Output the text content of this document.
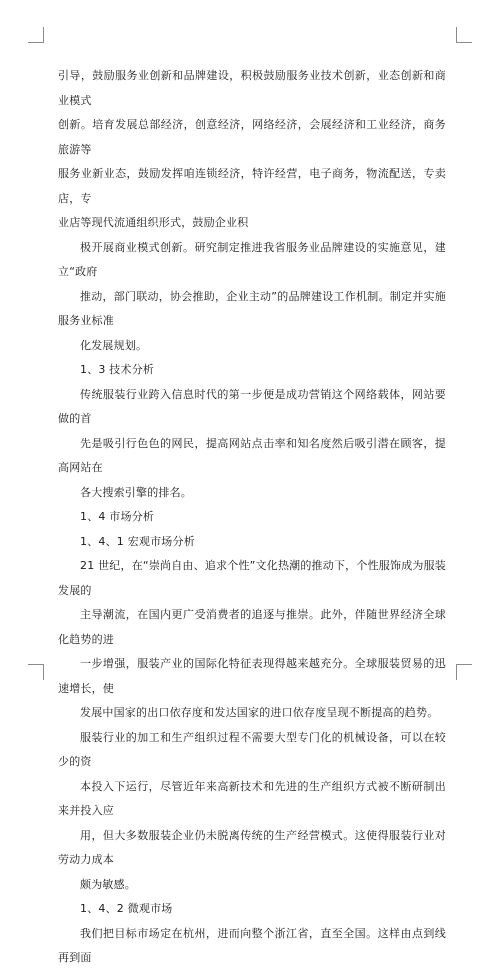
引导，鼓励服务业创新和品牌建设，积极鼓励服务业技术创新，业态创新和商业模式
创新。培育发展总部经济，创意经济，网络经济，会展经济和工业经济，商务旅游等
服务业新业态，鼓励发挥咱连锁经济，特许经营，电子商务，物流配送，专卖店，专
业店等现代流通组织形式，鼓励企业积

极开展商业模式创新。研究制定推进我省服务业品牌建设的实施意见，建立“政府
推动，部门联动，协会推助，企业主动”的品牌建设工作机制。制定并实施服务业标准
化发展规划。

1、3 技术分析

传统服装行业跨入信息时代的第一步便是成功营销这个网络载体，网站要做的首
先是吸引行色色的网民，提高网站点击率和知名度然后吸引潜在顾客，提高网站在
各大搜索引擎的排名。

1、4 市场分析

1、4、1 宏观市场分析

21 世纪，在“崇尚自由、追求个性”文化热潮的推动下，个性服饰成为服装发展的
主导潮流，在国内更广受消费者的追逐与推崇。此外，伴随世界经济全球化趋势的进
一步增强，服装产业的国际化特征表现得越来越充分。全球服装贸易的迅速增长，使
发展中国家的出口依存度和发达国家的进口依存度呈现不断提高的趋势。

服装行业的加工和生产组织过程不需要大型专门化的机械设备，可以在较少的资
本投入下运行，尽管近年来高新技术和先进的生产组织方式被不断研制出来并投入应
用，但大多数服装企业仍未脱离传统的生产经营模式。这使得服装行业对劳动力成本
颇为敏感。

1、4、2 微观市场

我们把目标市场定在杭州，进而向整个浙江省，直至全国。这样由点到线再到面
